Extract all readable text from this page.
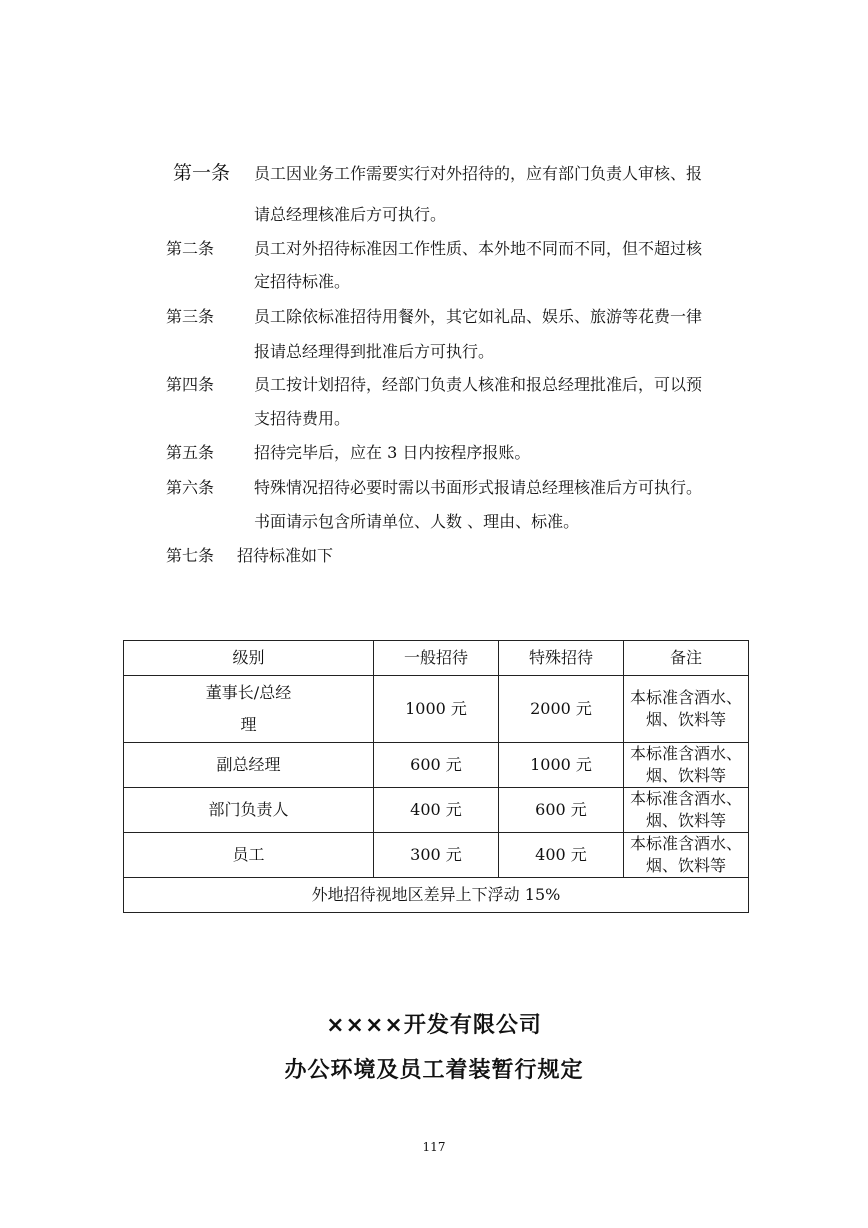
第一条 员工因业务工作需要实行对外招待的，应有部门负责人审核、报
请总经理核准后方可执行。
第二条 员工对外招待标准因工作性质、本外地不同而不同，但不超过核
定招待标准。
第三条 员工除依标准招待用餐外，其它如礼品、娱乐、旅游等花费一律
报请总经理得到批准后方可执行。
第四条 员工按计划招待，经部门负责人核准和报总经理批准后，可以预
支招待费用。
第五条 招待完毕后，应在 3 日内按程序报账。
第六条 特殊情况招待必要时需以书面形式报请总经理核准后方可执行。
书面请示包含所请单位、人数 、理由、标准。
第七条 招待标准如下
级别	一般招待	特殊招待	备注

董事长/总经理	1000 元	2000 元	本标准含酒水、烟、饮料等
副总经理	600 元	1000 元	本标准含酒水、烟、饮料等
部门负责人	400 元	600 元	本标准含酒水、烟、饮料等
员工	300 元	400 元	本标准含酒水、烟、饮料等
外地招待视地区差异上下浮动 15%			
××××开发有限公司
办公环境及员工着装暂行规定
117
